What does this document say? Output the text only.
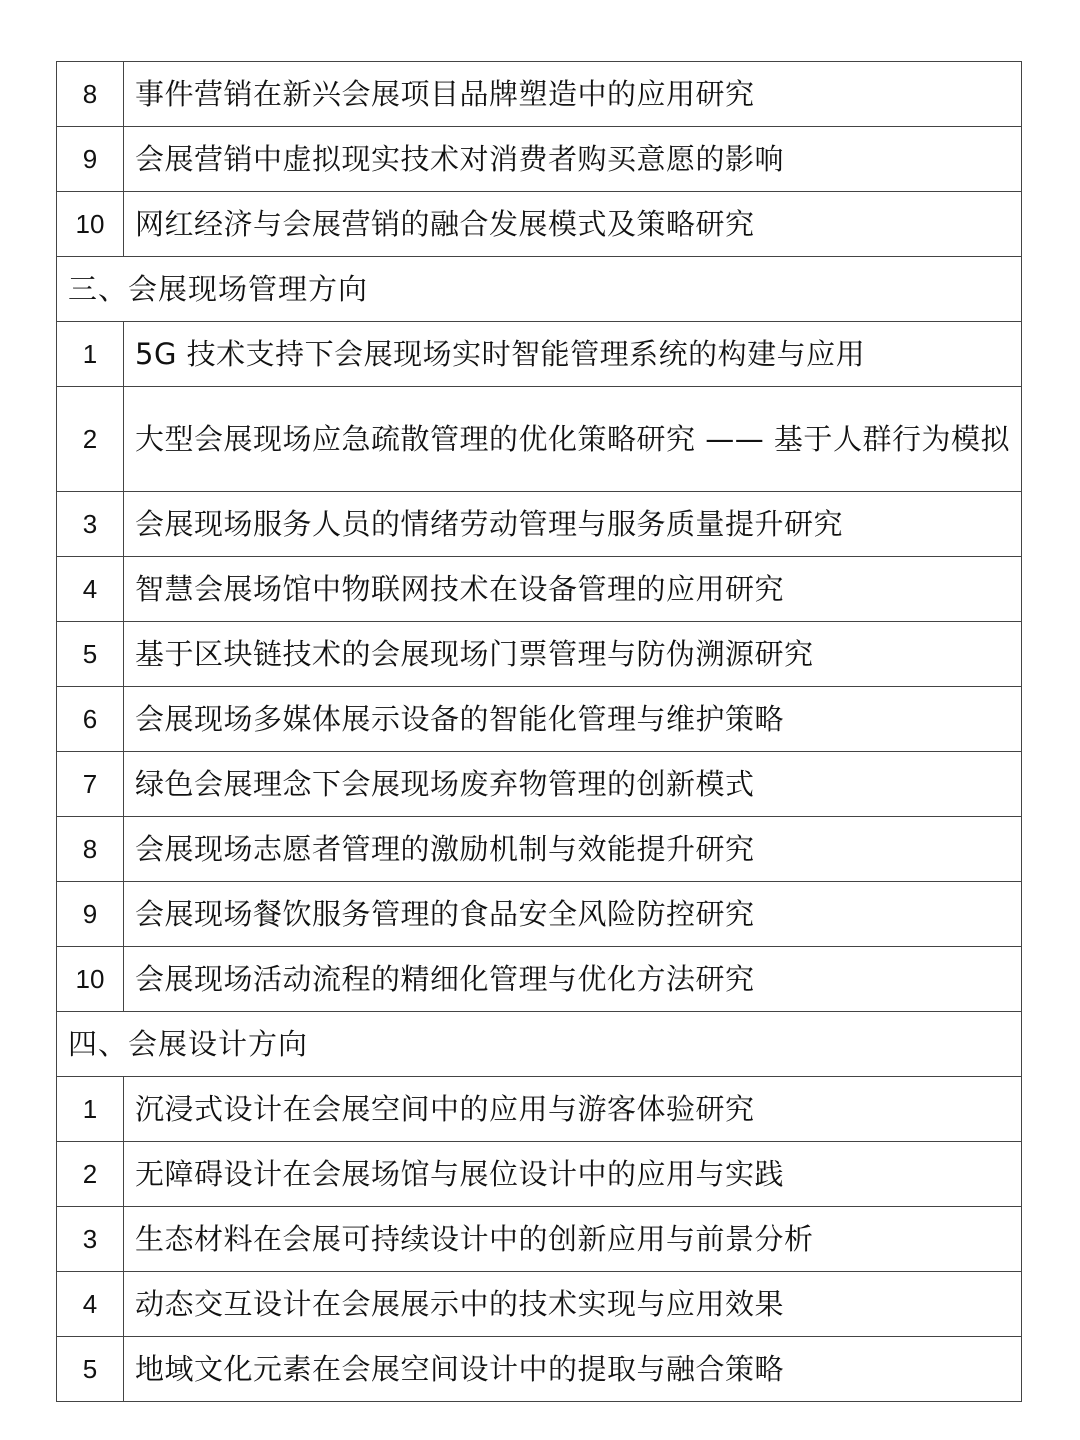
8	事件营销在新兴会展项目品牌塑造中的应用研究
9	会展营销中虚拟现实技术对消费者购买意愿的影响
10	网红经济与会展营销的融合发展模式及策略研究
三、会展现场管理方向	
1	5G 技术支持下会展现场实时智能管理系统的构建与应用
2	大型会展现场应急疏散管理的优化策略研究 —— 基于人群行为模拟
3	会展现场服务人员的情绪劳动管理与服务质量提升研究
4	智慧会展场馆中物联网技术在设备管理的应用研究
5	基于区块链技术的会展现场门票管理与防伪溯源研究
6	会展现场多媒体展示设备的智能化管理与维护策略
7	绿色会展理念下会展现场废弃物管理的创新模式
8	会展现场志愿者管理的激励机制与效能提升研究
9	会展现场餐饮服务管理的食品安全风险防控研究
10	会展现场活动流程的精细化管理与优化方法研究
四、会展设计方向	
1	沉浸式设计在会展空间中的应用与游客体验研究
2	无障碍设计在会展场馆与展位设计中的应用与实践
3	生态材料在会展可持续设计中的创新应用与前景分析
4	动态交互设计在会展展示中的技术实现与应用效果
5	地域文化元素在会展空间设计中的提取与融合策略
